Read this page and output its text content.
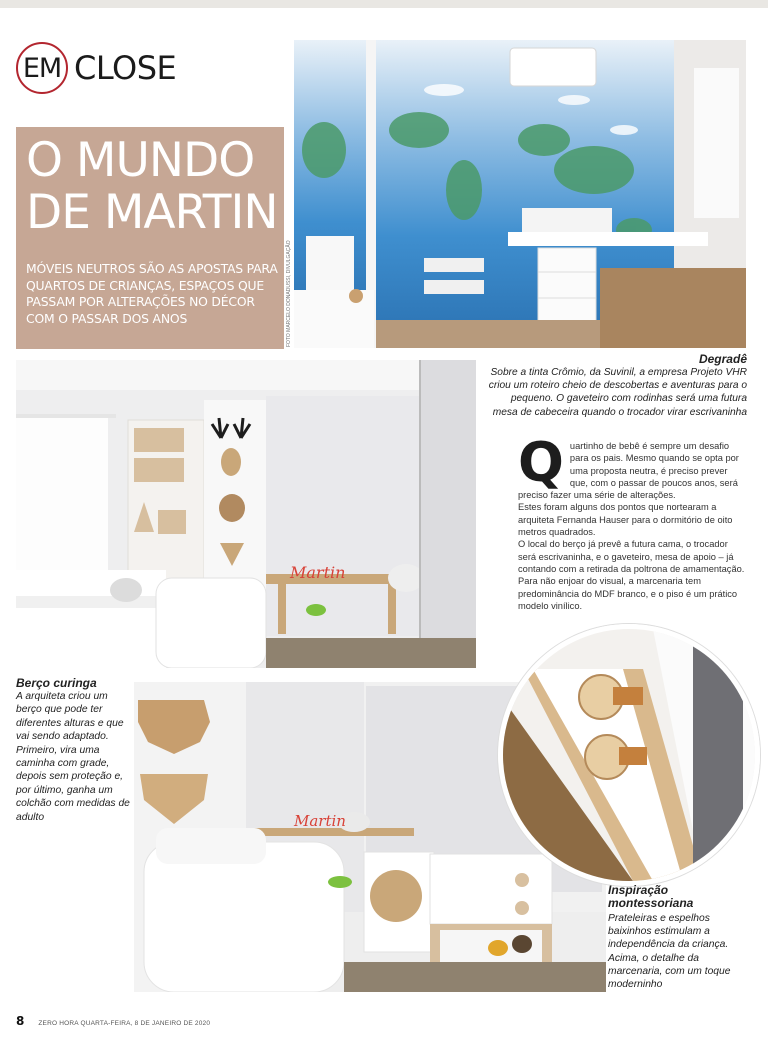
EM CLOSE
O MUNDO
DE MARTIN
MÓVEIS NEUTROS SÃO AS APOSTAS PARA QUARTOS DE CRIANÇAS, ESPAÇOS QUE PASSAM POR ALTERAÇÕES NO DÉCOR COM O PASSAR DOS ANOS	FOTO MARCELO DONADUSSI, DIVULGAÇÃO
Degradê
Sobre a tinta Crômio, da Suvinil, a empresa Projeto VHR criou um roteiro cheio de descobertas e aventuras para o pequeno. O gaveteiro com rodinhas será uma futura mesa de cabeceira quando o trocador virar escrivaninha
Martin
Q uartinho de bebê é sempre um desafio para os pais. Mesmo quando se opta por uma proposta neutra, é preciso prever que, com o passar de poucos anos, será preciso fazer uma série de alterações.

Estes foram alguns dos pontos que nortearam a arquiteta Fernanda Hauser para o dormitório de oito metros quadrados.

O local do berço já prevê a futura cama, o trocador será escrivaninha, e o gaveteiro, mesa de apoio – já contando com a retirada da poltrona de amamentação.

Para não enjoar do visual, a marcenaria tem predominância do MDF branco, e o piso é um prático modelo vinílico.

Berço curinga
A arquiteta criou um berço que pode ter diferentes alturas e que vai sendo adaptado. Primeiro, vira uma caminha com grade, depois sem proteção e, por último, ganha um colchão com medidas de adulto	Martin
Inspiração montessoriana
Prateleiras e espelhos baixinhos estimulam a independência da criança. Acima, o detalhe da marcenaria, com um toque moderninho
8 ZERO HORA QUARTA-FEIRA, 8 DE JANEIRO DE 2020
